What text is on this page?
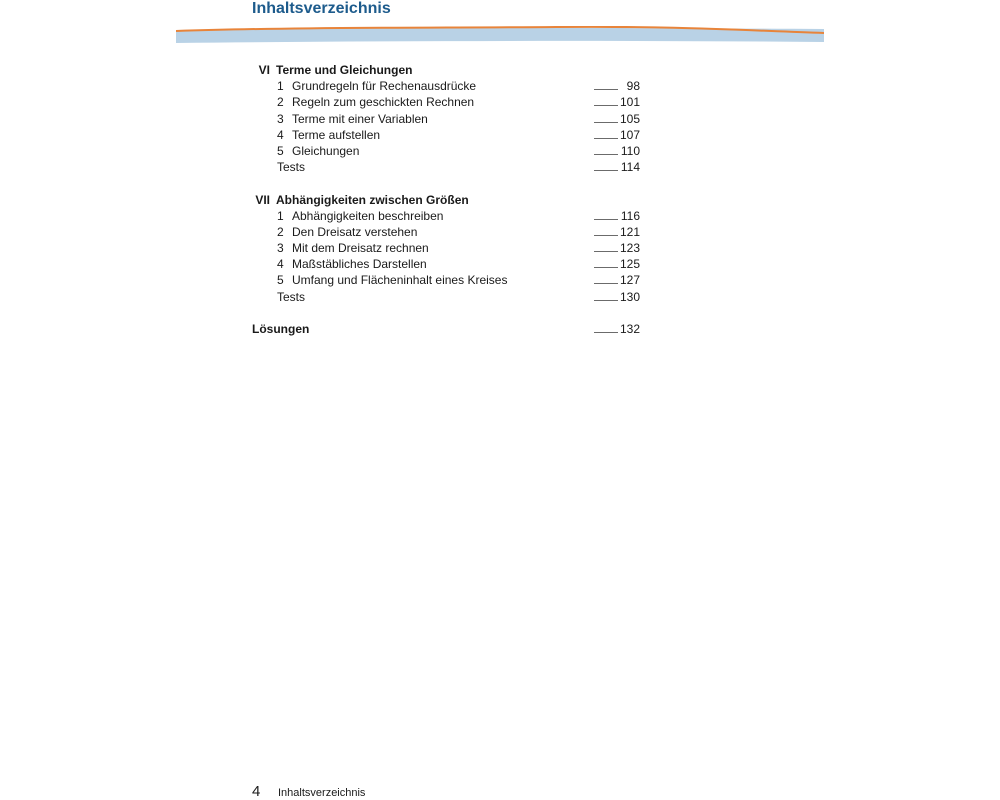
Inhaltsverzeichnis
VI Terme und Gleichungen
1 Grundregeln für Rechenausdrücke	98
2 Regeln zum geschickten Rechnen	101
3 Terme mit einer Variablen	105
4 Terme aufstellen	107
5 Gleichungen	110
Tests	114
VII Abhängigkeiten zwischen Größen
1 Abhängigkeiten beschreiben	116
2 Den Dreisatz verstehen	121
3 Mit dem Dreisatz rechnen	123
4 Maßstäbliches Darstellen	125
5 Umfang und Flächeninhalt eines Kreises	127
Tests	130
Lösungen	132
4 Inhaltsverzeichnis
